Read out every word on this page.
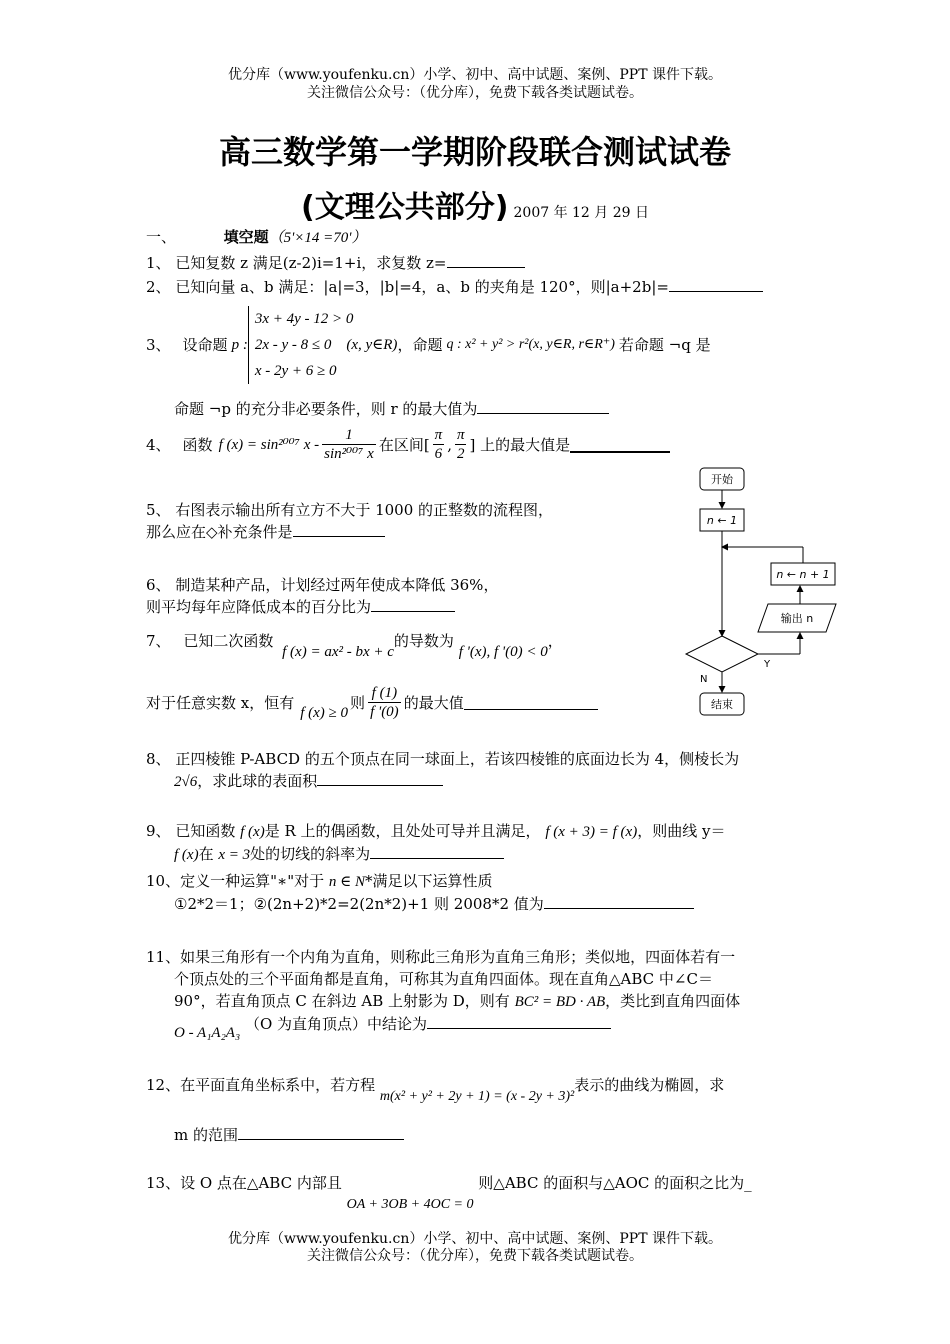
优分库（www.youfenku.cn）小学、初中、高中试题、案例、PPT 课件下载。
关注微信公众号：（优分库），免费下载各类试题试卷。
高三数学第一学期阶段联合测试试卷
(文理公共部分) 2007 年 12 月 29 日
一、	填空题（5'×14 =70'）
1、 已知复数 z 满足(z-2)i=1+i，求复数 z=
2、 已知向量 a、b 满足：|a|=3，|b|=4，a、b 的夹角是 120°，则|a+2b|=
3、 设命题 p :
3x + 4y - 12 > 0
2x - y - 8 ≤ 0    (x, y∈R)
x - 2y + 6 ≥ 0
，命题 q : x² + y² > r²(x, y∈R, r∈R⁺) 若命题 ¬q 是
命题 ¬p 的充分非必要条件，则 r 的最大值为
4、 函数 f (x) = sin²⁰⁰⁷ x - $\frac{1}{\text{sin²⁰⁰⁷ x}}$ 在区间[ $\frac{\pi}{6}$ , $\frac{\pi}{2}$ ] 上的最大值是
5、 右图表示输出所有立方不大于 1000 的正整数的流程图，
那么应在◇补充条件是
6、 制造某种产品，计划经过两年使成本降低 36%，
则平均每年应降低成本的百分比为
7、 已知二次函数 f (x) = ax² - bx + c的导数为 f '(x), f '(0) < 0，
对于任意实数 x，恒有
f (x) ≥ 0
则 $\frac{f (1)}{f '(0)}$ 的最大值
8、 正四棱锥 P-ABCD 的五个顶点在同一球面上，若该四棱锥的底面边长为 4，侧棱长为
2√6，求此球的表面积
9、 已知函数 f (x)是 R 上的偶函数，且处处可导并且满足， f (x + 3) = f (x)，则曲线 y＝
f (x)在 x = 3处的切线的斜率为
10、定义一种运算"∗"对于 n ∈ N*满足以下运算性质
①2*2＝1；②(2n+2)*2=2(2n*2)+1 则 2008*2 值为
11、如果三角形有一个内角为直角，则称此三角形为直角三角形；类似地，四面体若有一
个顶点处的三个平面角都是直角，可称其为直角四面体。现在直角△ABC 中∠C＝
90°，若直角顶点 C 在斜边 AB 上射影为 D，则有 BC² = BD · AB，类比到直角四面体
O - A₁A₂A₃ （O 为直角顶点）中结论为
12、在平面直角坐标系中，若方程 m(x² + y² + 2y + 1) = (x - 2y + 3)²表示的曲线为椭圆，求
m 的范围
13、设 O 点在△ABC 内部且 OA + 3OB + 4OC = 0 则△ABC 的面积与△AOC 的面积之比为_
优分库（www.youfenku.cn）小学、初中、高中试题、案例、PPT 课件下载。
关注微信公众号：（优分库），免费下载各类试题试卷。
开始
n ← 1
n ← n + 1
输出 n
Y
N
结束
